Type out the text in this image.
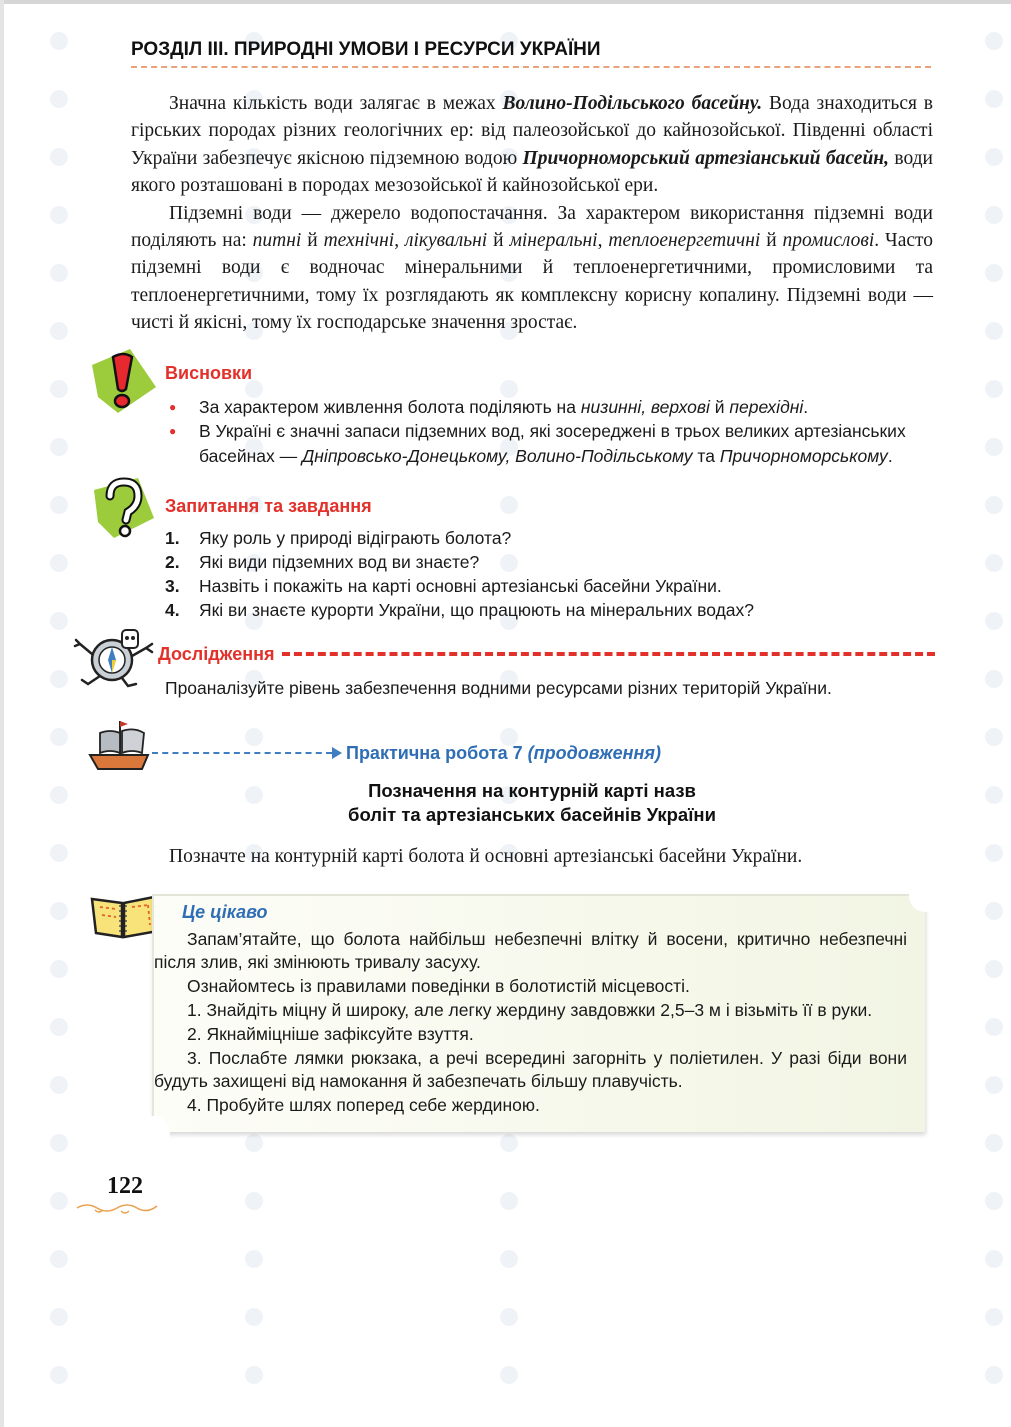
РОЗДІЛ ІІІ. ПРИРОДНІ УМОВИ І РЕСУРСИ УКРАЇНИ

Значна кількість води залягає в межах Волино-Подільського басейну. Вода знаходиться в гірських породах різних геологічних ер: від палеозойської до кайнозойської. Південні області України забезпечує якісною підземною водою Причорноморський артезіанський басейн, води якого розташовані в породах мезозойської й кайнозойської ери.

Підземні води — джерело водопостачання. За характером використання підземні води поділяють на: питні й технічні, лікувальні й мінеральні, теплоенергетичні й промислові. Часто підземні води є водночас мінеральними й теплоенергетичними, промисловими та теплоенергетичними, тому їх розглядають як комплексну корисну копалину. Підземні води — чисті й якісні, тому їх господарське значення зростає.

Висновки
● За характером живлення болота поділяють на низинні, верхові й перехідні.
● В Україні є значні запаси підземних вод, які зосереджені в трьох великих артезіанських басейнах — Дніпровсько-Донецькому, Волино-Подільському та Причорноморському.
Запитання та завдання
1.	Яку роль у природі відіграють болота?
2.	Які види підземних вод ви знаєте?
3.	Назвіть і покажіть на карті основні артезіанські басейни України.
4.	Які ви знаєте курорти України, що працюють на мінеральних водах?
Дослідження
Проаналізуйте рівень забезпечення водними ресурсами різних територій України.
Практична робота 7 (продовження)
Позначення на контурній карті назв
боліт та артезіанських басейнів України
Позначте на контурній карті болота й основні артезіанські басейни України.
Це цікаво

Запам’ятайте, що болота найбільш небезпечні влітку й восени, критично небезпечні після злив, які змінюють тривалу засуху.

Ознайомтесь із правилами поведінки в болотистій місцевості.

1. Знайдіть міцну й широку, але легку жердину завдовжки 2,5–3 м і візьміть її в руки.

2. Якнаймiцніше зафіксуйте взуття.

3. Послабте лямки рюкзака, а речі всередині загорніть у поліетилен. У разі біди вони будуть захищені від намокання й забезпечать більшу плавучість.

4. Пробуйте шлях поперед себе жердиною.

122
